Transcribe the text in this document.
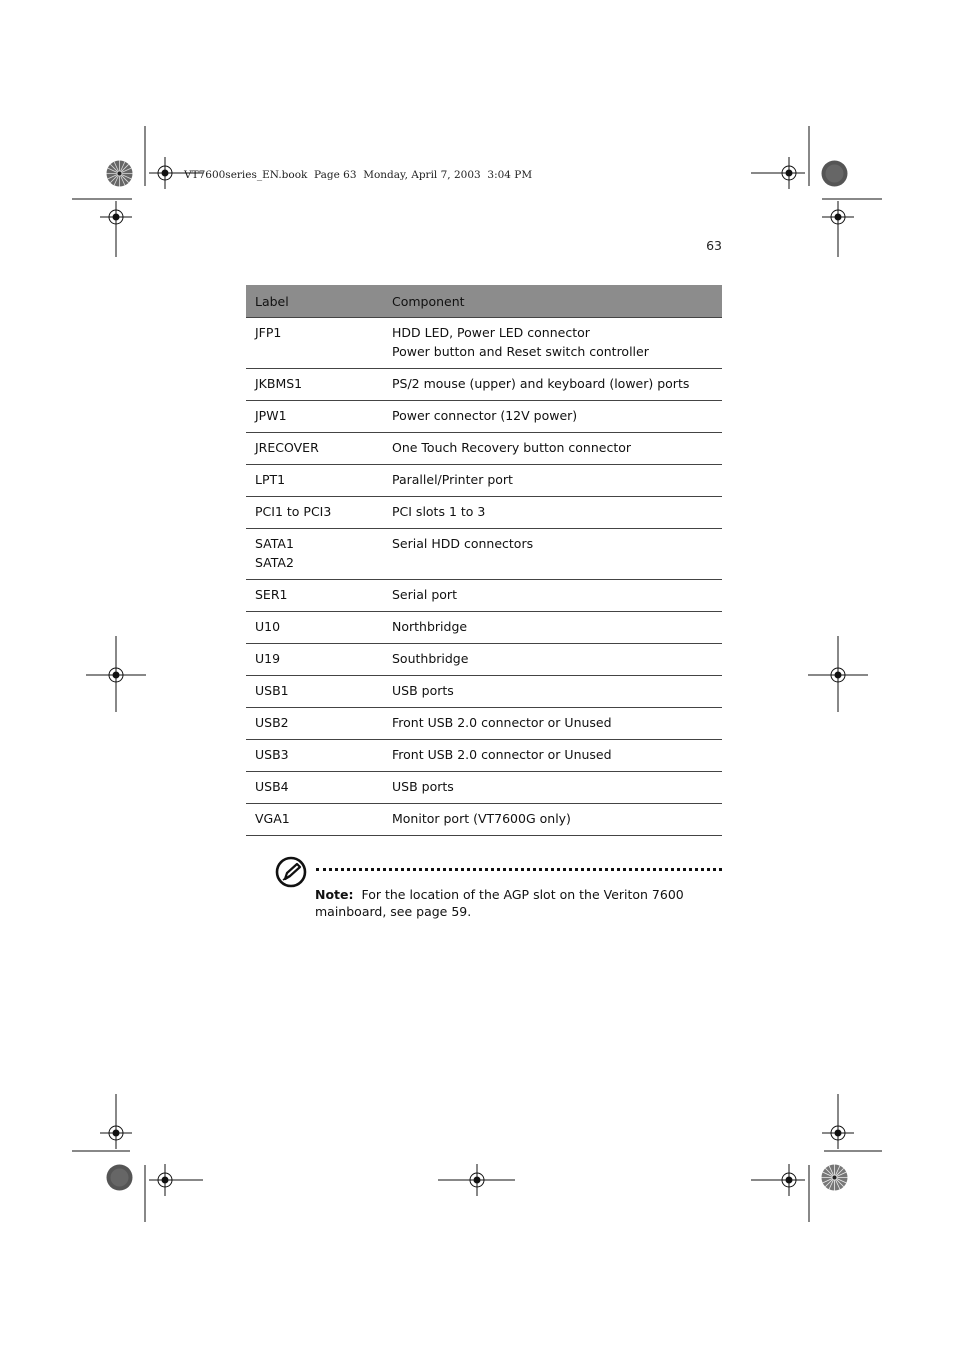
VT7600series_EN.book  Page 63  Monday, April 7, 2003  3:04 PM
63
Label	Component

JFP1	HDD LED, Power LED connector
Power button and Reset switch controller

JKBMS1	PS/2 mouse (upper) and keyboard (lower) ports

JPW1	Power connector (12V power)

JRECOVER	One Touch Recovery button connector

LPT1	Parallel/Printer port

PCI1 to PCI3	PCI slots 1 to 3

SATA1
SATA2	Serial HDD connectors

SER1	Serial port

U10	Northbridge

U19	Southbridge

USB1	USB ports

USB2	Front USB 2.0 connector or Unused

USB3	Front USB 2.0 connector or Unused

USB4	USB ports

VGA1	Monitor port (VT7600G only)
Note: For the location of the AGP slot on the Veriton 7600 mainboard, see page 59.
